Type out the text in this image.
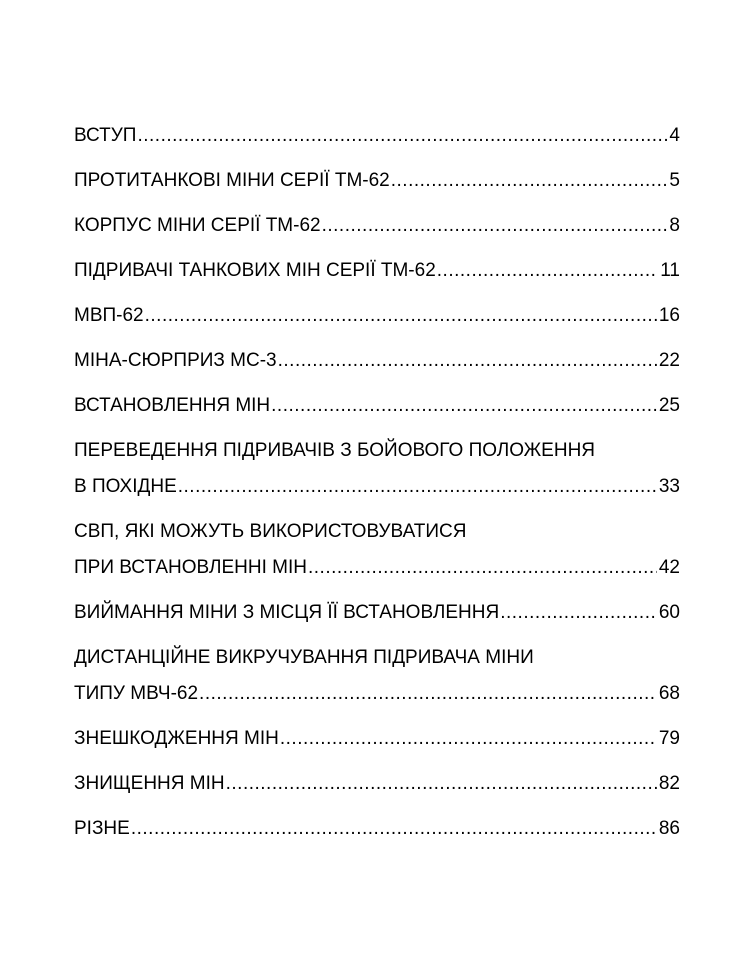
ВСТУП .....	4
ПРОТИТАНКОВІ МІНИ СЕРІЇ ТМ-62 .....	5
КОРПУС МІНИ СЕРІЇ ТМ-62 .....	8
ПІДРИВАЧІ ТАНКОВИХ МІН СЕРІЇ ТМ-62 .....	11
МВП-62 .....	16
МІНА-СЮРПРИЗ МС-3 .....	22
ВСТАНОВЛЕННЯ МІН .....	25
ПЕРЕВЕДЕННЯ ПІДРИВАЧІВ З БОЙОВОГО ПОЛОЖЕННЯ
В ПОХІДНЕ .....	33
СВП, ЯКІ МОЖУТЬ ВИКОРИСТОВУВАТИСЯ
ПРИ ВСТАНОВЛЕННІ МІН .....	42
ВИЙМАННЯ МІНИ З МІСЦЯ ЇЇ ВСТАНОВЛЕННЯ .....	60
ДИСТАНЦІЙНЕ ВИКРУЧУВАННЯ ПІДРИВАЧА МІНИ
ТИПУ МВЧ-62 .....	68
ЗНЕШКОДЖЕННЯ МІН .....	79
ЗНИЩЕННЯ МІН .....	82
РІЗНЕ .....	86
